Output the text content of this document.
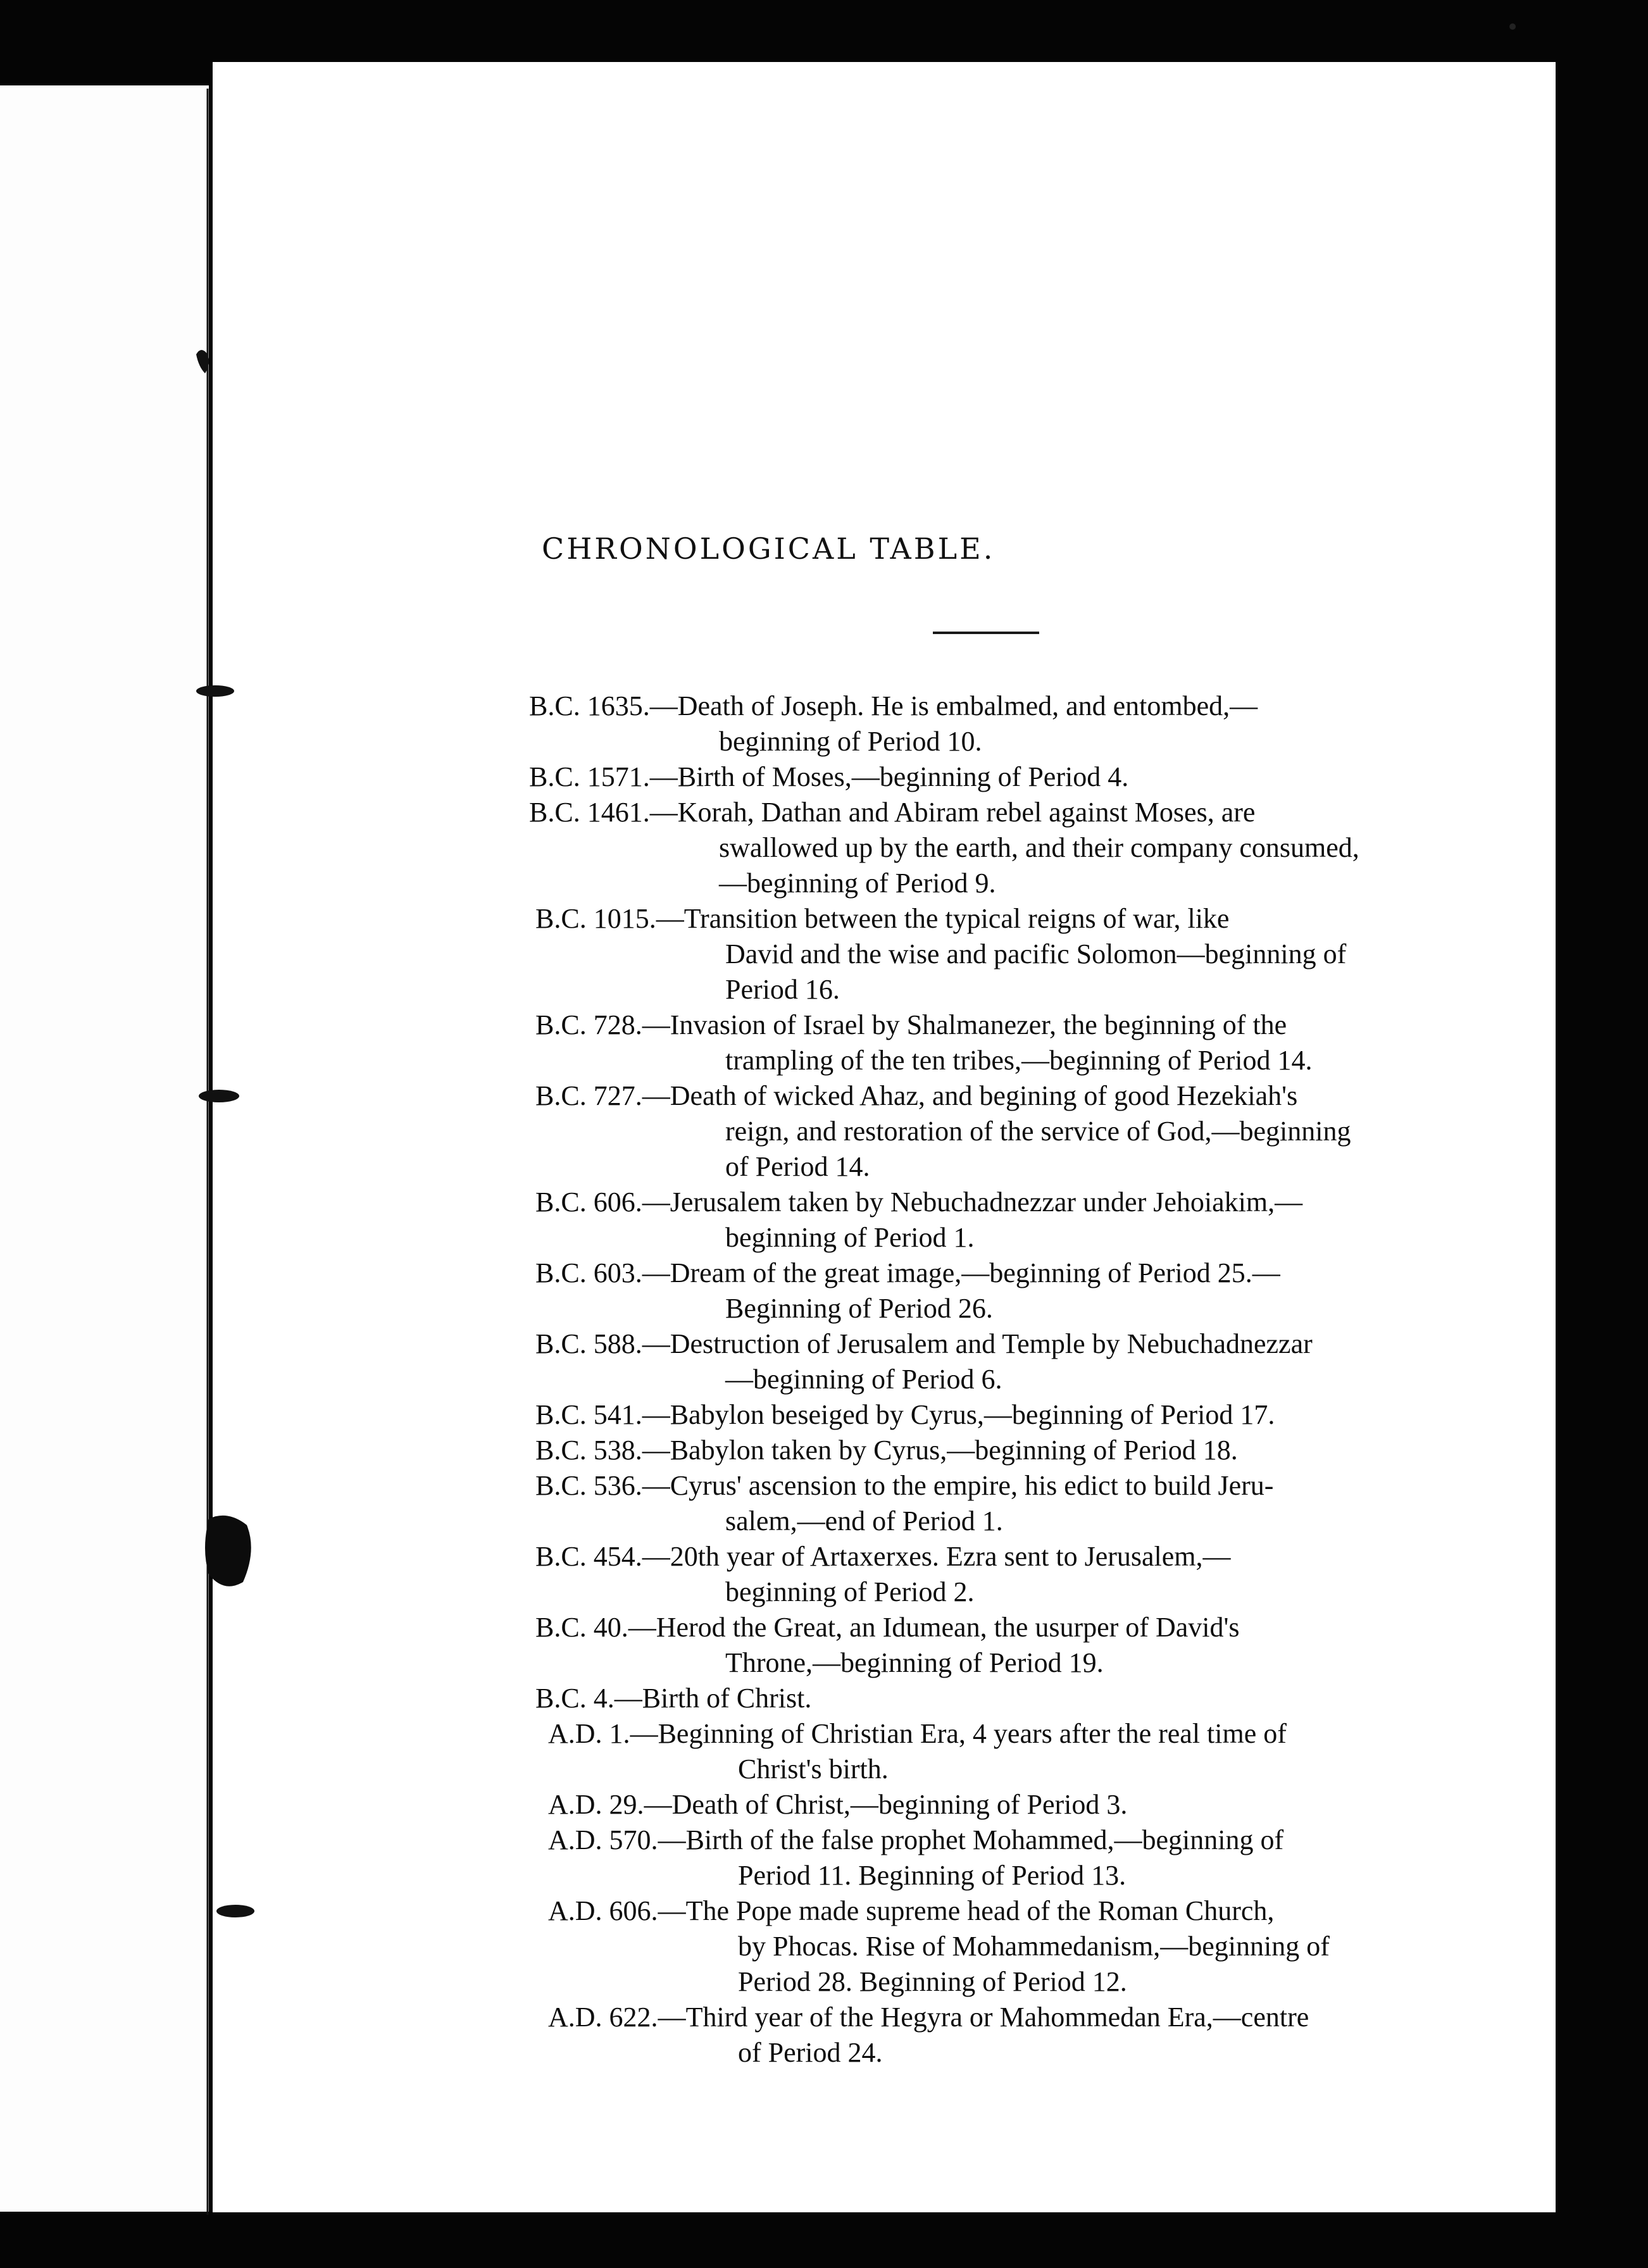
CHRONOLOGICAL TABLE.
B.C. 1635.—Death of Joseph. He is embalmed, and entombed,—
beginning of Period 10.
B.C. 1571.—Birth of Moses,—beginning of Period 4.
B.C. 1461.—Korah, Dathan and Abiram rebel against Moses, are
swallowed up by the earth, and their company consumed,
—beginning of Period 9.
B.C. 1015.—Transition between the typical reigns of war, like
David and the wise and pacific Solomon—beginning of
Period 16.
B.C. 728.—Invasion of Israel by Shalmanezer, the beginning of the
trampling of the ten tribes,—beginning of Period 14.
B.C. 727.—Death of wicked Ahaz, and begining of good Hezekiah's
reign, and restoration of the service of God,—beginning
of Period 14.
B.C. 606.—Jerusalem taken by Nebuchadnezzar under Jehoiakim,—
beginning of Period 1.
B.C. 603.—Dream of the great image,—beginning of Period 25.—
Beginning of Period 26.
B.C. 588.—Destruction of Jerusalem and Temple by Nebuchadnezzar
—beginning of Period 6.
B.C. 541.—Babylon beseiged by Cyrus,—beginning of Period 17.
B.C. 538.—Babylon taken by Cyrus,—beginning of Period 18.
B.C. 536.—Cyrus' ascension to the empire, his edict to build Jeru-
salem,—end of Period 1.
B.C. 454.—20th year of Artaxerxes. Ezra sent to Jerusalem,—
beginning of Period 2.
B.C. 40.—Herod the Great, an Idumean, the usurper of David's
Throne,—beginning of Period 19.
B.C. 4.—Birth of Christ.
A.D. 1.—Beginning of Christian Era, 4 years after the real time of
Christ's birth.
A.D. 29.—Death of Christ,—beginning of Period 3.
A.D. 570.—Birth of the false prophet Mohammed,—beginning of
Period 11. Beginning of Period 13.
A.D. 606.—The Pope made supreme head of the Roman Church,
by Phocas. Rise of Mohammedanism,—beginning of
Period 28. Beginning of Period 12.
A.D. 622.—Third year of the Hegyra or Mahommedan Era,—centre
of Period 24.
